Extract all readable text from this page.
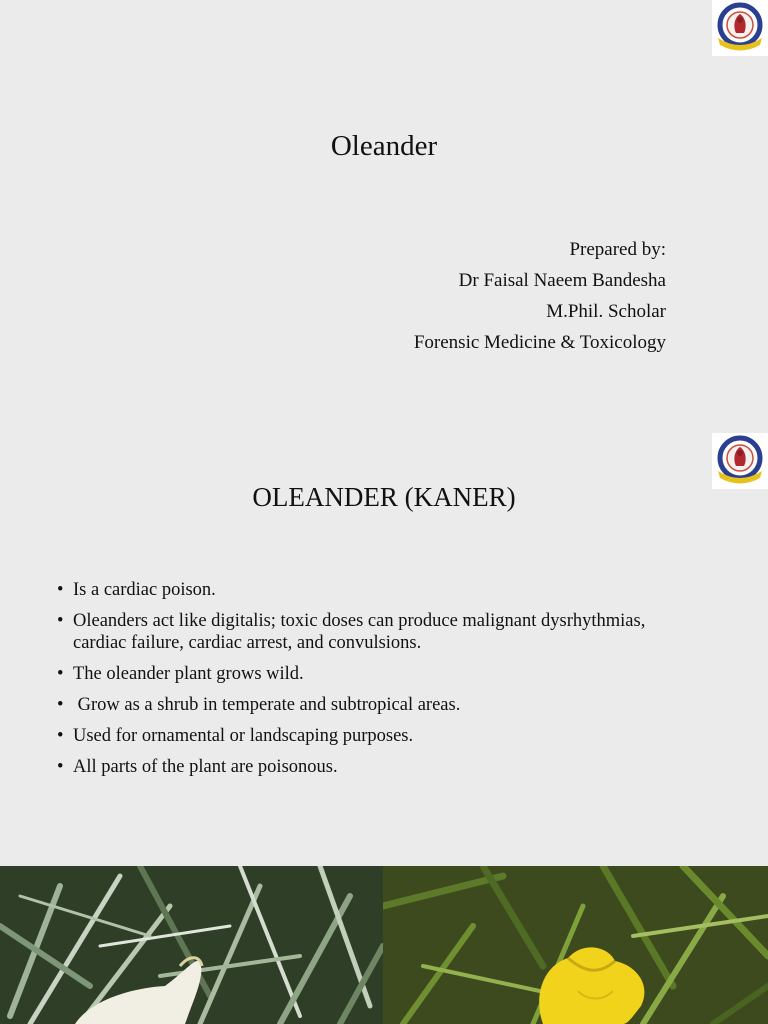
Oleander
Prepared by:
Dr Faisal Naeem Bandesha
M.Phil. Scholar
Forensic Medicine & Toxicology
OLEANDER (KANER)
• Is a cardiac poison.
• Oleanders act like digitalis; toxic doses can produce malignant dysrhythmias, cardiac failure, cardiac arrest, and convulsions.
• The oleander plant grows wild.
•  Grow as a shrub in temperate and subtropical areas.
• Used for ornamental or landscaping purposes.
• All parts of the plant are poisonous.
